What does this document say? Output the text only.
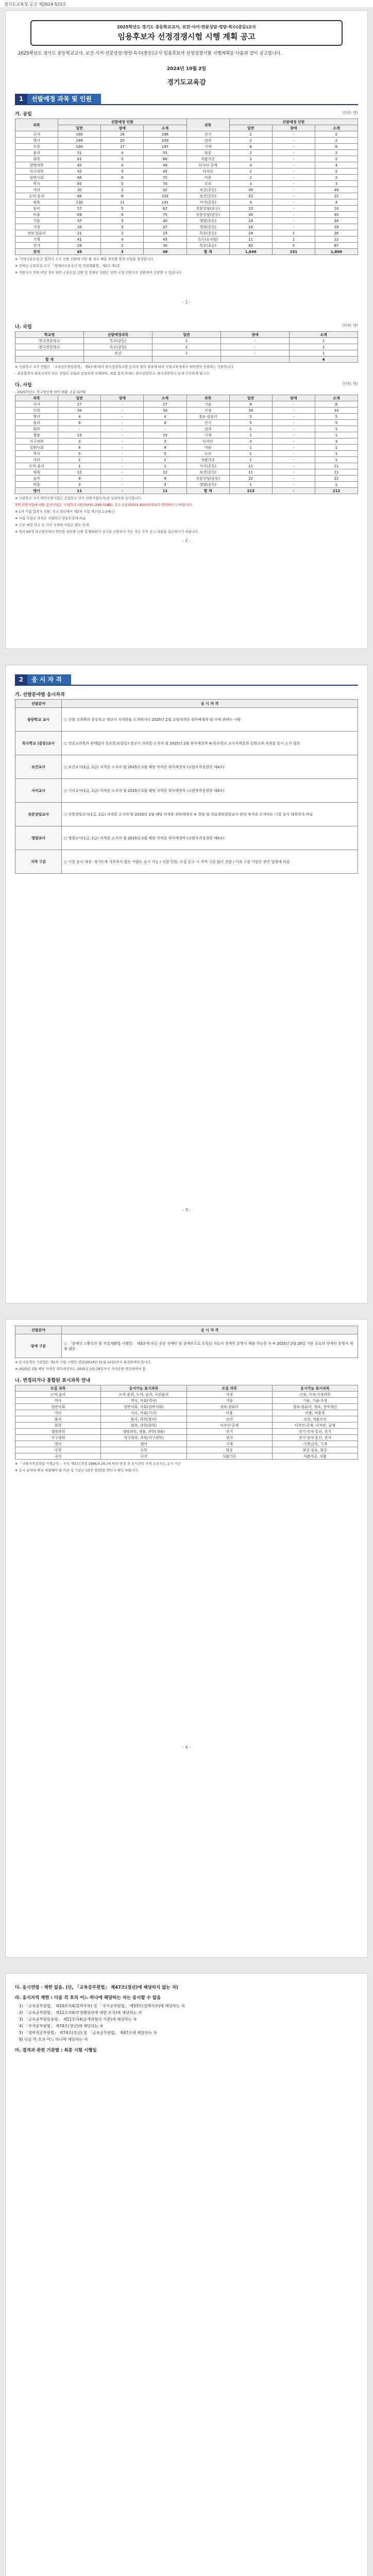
경기도교육청 공고 제2024-521호
2025학년도 경기도 중등학교교사, 보건·사서·전문상담·영양·특수(중등)교사
임용후보자 선정경쟁시험 시행 계획 공고
2025학년도 경기도 중등학교교사, 보건·사서·전문상담·영양·특수(중등)교사 임용후보자 선정경쟁시험 시행계획을 다음과 같이 공고합니다.
2024년 10월 2일
경기도교육감
1	선발예정 과목 및 인원
가. 공립	(단위: 명)
과목	선발예정 인원			과목	선발예정 인원		
	일반	장애	소계		일반	장애	소계
국어	180	16	196	전기	2	-	2
영어	189	20	209	전자	2	-	2
수학	180	17	197	기계	6	-	6
물리	51	4	55	화공	2	-	2
화학	61	5	66	식품가공	2	-	2
생명과학	45	4	49	디자인·공예	4	-	4
지구과학	42	3	45	디자인	2	-	2
일반사회	66	6	72	미용	2	-	2
역사	65	5	70	조리	3	-	3
지리	30	2	32	보건(초등)	49	-	49
도덕·윤리	94	8	102	보건(중등)	22	-	22
체육	130	11	141	사서(중등)	4	-	4
음악	57	5	62	전문상담(초등)	10	-	10
미술	69	6	75	전문상담(중등)	40	-	40
기술	37	3	40	영양(초등)	24	-	24
가정	34	3	37	영양(중등)	18	-	18
정보·컴퓨터	21	2	23	특수(중등)	24	2	26
기계	41	4	45	특수(유치원)	11	1	12
전기	28	2	30	특수(초등)	62	5	67
전자	45	3	48	합 계	1,649	151	1,800
※ '지역구분모집'은 합격자 수가 선발 인원에 미달 될 경우 해당 과목별 합격 인원을 결정합니다.
※ 장애인 구분모집 고시 「장애인고용촉진 및 직업재활법」제2조 제1호
※ 지원자가 인원 미달 경우 일반 구분모집 인원 및 장애인 인원은 일반 모집 인원으로 전환하여 선발할 수 있습니다.
- 1 -
나. 국립	(단위: 명)
학교명	선발예정과목	일반	장애	소계
한국전문학교	특수(중등)	1	-	1
한국전문학교	특수(중등)	2	-	2
	보건	1	-	1
합 계				4
※ 국립학교 교사 선발은 「교육공무원임용령」 제9조에 따라 한국전문학교장 등과의 협의 결과에 따라 국립교육청에서 위탁받아 선발하는 인원입니다.
- 최종합격자 발표시까지 모든 전형은 공립과 동일하게 진행되며, 최종 합격 후에는 한국전문학교, 한국전문학교 등에 근무하게 됩니다.
다. 사립	(단위: 명)
- 2025학년도 학교법인별 위탁 현황 : [총 52개]
과목	일반	장애	소계	과목	일반	장애	소계
국어	27	-	27	기술	8	-	8
수학	34	-	34	가정	34	-	34
영어	4	-	4	정보·컴퓨터	5	-	5
물리	6	-	6	전기	5	-	5
화학	-	-	-	전자	1	-	1
생물	13	-	13	기계	1	-	1
지구과학	3	-	3	디자인	3	-	3
일반사회	8	-	8	미용	1	-	1
역사	5	-	5	조리	1	-	1
지리	1	-	1	식품가공	1	-	1
도덕·윤리	1	-	1	사서(중등)	11	-	11
체육	12	-	12	보건(중등)	11	-	11
음악	9	-	9	전문상담(중등)	22	-	22
미술	3	-	3	영양(중등)	1	-	1
영어	11	-	11	합 계	212	-	212
※ 사립학교 교사 위탁선발시험은 공립학교 교사 선발시험(1차)과 동일하게 실시합니다.
위탁선발시험에 대한 문의사항은 사업학교지원과(031-249-0185), 특수교육과(031-820-0773)로 연락하시기 바랍니다.
※ 1차 시험 합격자 전원: 학교 법인에서 제2차 시험 계수(2.1:1배수)
※ 사립 모집인 과목은 사립학교 임용요강에 따름
※ 근무 예정 학교 등 기타 자세한 사항은 별도 안내
※ 위의 66개 학교법인에서 위탁한 과목별 인원 합계(63)가 공고된 인원보다 적은 것은 추후 공고 내용을 참고하시기 바랍니다.
- 2 -
2	응 시 자 격
가. 선발분야별 응시자격
선발분야	응 시 자 격
중등학교 교사	○ 선발 교과목의 중등학교 정교사 자격증을 소지하거나 2025년 2월 교원자격증 취득예정자 및 이에 준하는 사람
특수학교 (중등)교사	○ 전공교과목과 관계없이 특수학교(중등) 정교사 자격증 소지자 및 2025년 2월 취득예정자 ※ 특수학교 교사자격증과 일반교과 자격증 동시 소지 필요
보건교사	○ 보건교사(1급, 2급) 자격증 소지자 및 2025년 2월 해당 자격증 취득예정자 (교원자격검정령 제4조)
사서교사	○ 사서교사(1급, 2급) 자격증 소지자 및 2025년 2월 해당 자격증 취득예정자 (교원자격검정령 제4조)
전문상담교사	○ 전문상담교사(1급, 2급) 자격증 소지자 및 2025년 2월 해당 자격증 취득예정자 ※ 상담 및 진로전학상담교사 관련 자격증 소지자는 시험 응시 대상자가 아님
영양교사	○ 영양교사(1급, 2급) 자격증 소지자 및 2025년 2월 해당 자격증 취득예정자 (교원자격검정령 제4조)
지역 구분	○ 시험 응시 대상: 경기도에 거주하지 않는 사람도 응시 가능 / 선발 인원: 모집 공고 시 지역 구분 없이 선발 / 이외 구분 사항은 관련 법령에 따름
- 3 -
선발분야	응 시 자 격
장애 구분	○ 「장애인 고용촉진 및 직업재활법 시행령」 제3조에 따른 중증 장애인 및 장애인으로 등록된 자로서 장애인 증명서 제출 가능한 자 ※ 2025년 2월 28일 기준 유효한 장애인 증명서 제출 필요
※ 응시자격의 기준일은 제1차 시험 시행일 전날(2024년 11월 22일)까지 충족하여야 합니다.
※ 2025년 2월 해당 자격증 취득예정자는 2025년 2월 28일까지 자격증을 취득하여야 함
나. 변경되거나 통합된 표시과목 안내
모집 과목	응시가능 표시과목	모집 과목	응시가능 표시과목
도덕·윤리	도덕·윤리, 도덕, 윤리, 국민윤리	가정	가정, 가정·가정과학
역사	역사, 사회(역사)	기술	기술, 기술·가정
일반사회	일반사회, 사회(일반사회)	정보·컴퓨터	정보·컴퓨터, 정보, 전자계산
지리	지리, 사회(지리)	미용	미용, 미용학
물리	물리, 과학(물리)	조리	조리, 식품조리
화학	화학, 과학(화학)	디자인·공예	디자인·공예, 디자인, 공예
생명과학	생명과학, 생물, 과학(생물)	전기	전기·전자·통신, 전기
지구과학	지구과학, 과학(지구과학)	전자	전기·전자·통신, 전자
영어	영어	기계	기계·금속, 기계
수학	수학	화공	화공·섬유, 화공
국어	국어	식품가공	식품가공, 식품
※ 「교원자격검정령 시행규칙」 부칙 제3조(개정 1996.6.26.)에 따라 변경 전 표시과목 자격 소지자도 응시 가능
※ 응시 분야에 따라 제출해야 할 서류 및 기준은 [관련 법령]을 반드시 확인 바랍니다.
- 4 -
다. 응시연령 · 제한 없음. (단, 「교육공무원법」 제47조(정년)에 해당하지 않는 자)
라. 응시자격 제한 : 다음 각 호의 어느 하나에 해당하는 자는 응시할 수 없음
1) 「교육공무원법」 제10조의4(결격사유) 및 「국가공무원법」 제33조(결격사유)에 해당하는 자
2) 「교육공무원법」 제11조의4(부정행위자에 대한 조치)에 해당하는 자
3) 「교육공무원임용령」 제11조의4(공개전형의 기준)에 해당하는 자
4) 「국가공무원법」 제74조(정년)에 해당하는 자
5) 「경력직공무원법」 제74조(정년) 및 「교육공무원법」 제47조에 해당하는 자
6) 다음 각 호의 어느 하나에 해당하는 자
마. 결격과 관련 기관별 : 최종 시험 시행일
